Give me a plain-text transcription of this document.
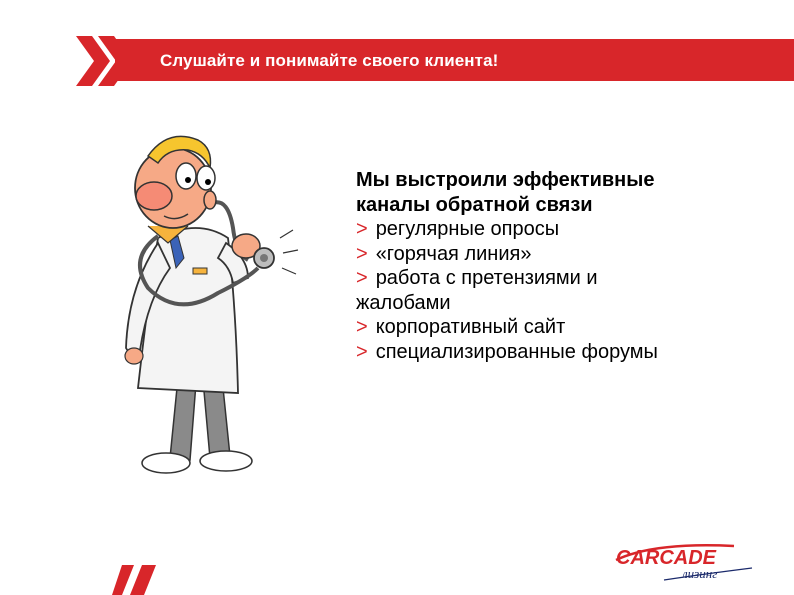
Слушайте и понимайте своего клиента!
Мы выстроили эффективные
каналы обратной связи
> регулярные опросы
> «горячая линия»
> работа с претензиями и
жалобами
> корпоративный сайт
> специализированные форумы
CARCADE
лизинг
